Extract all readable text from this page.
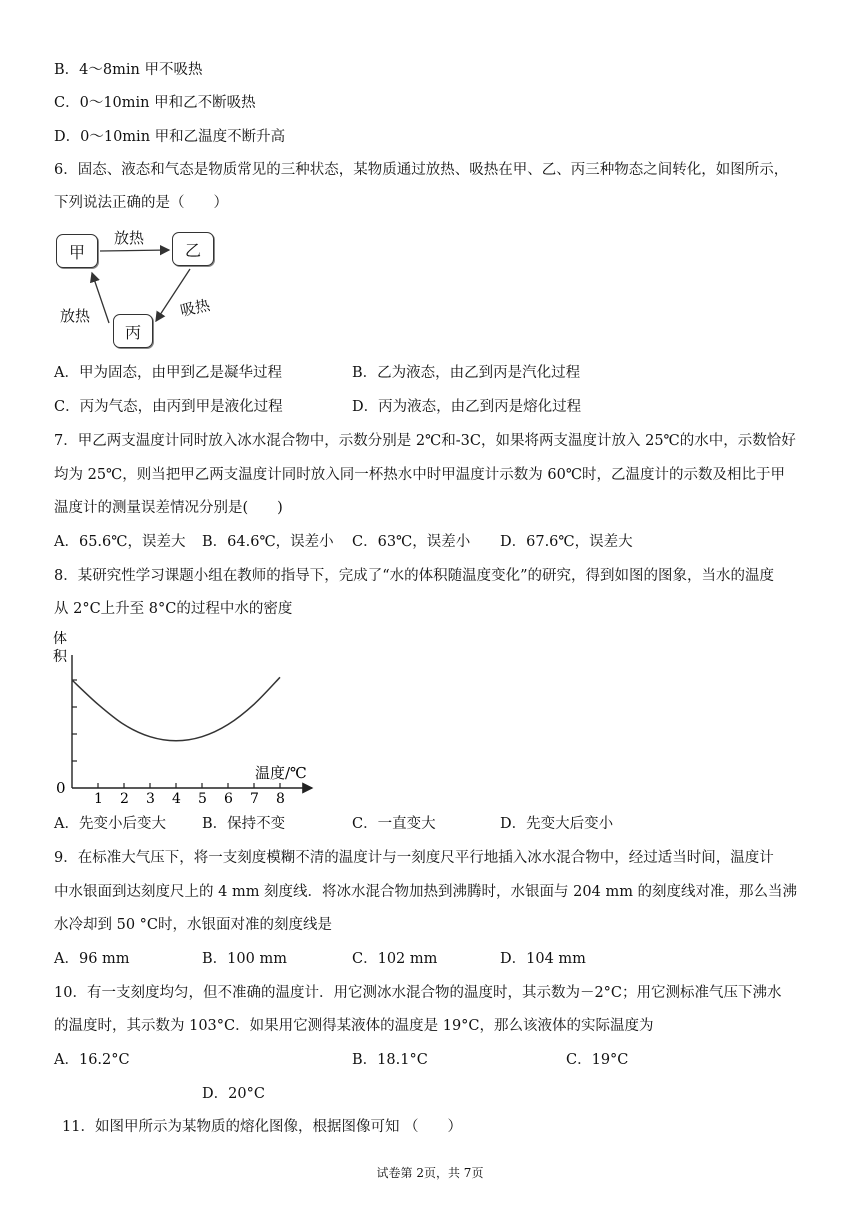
B．4～8min 甲不吸热
C．0～10min 甲和乙不断吸热
D．0～10min 甲和乙温度不断升高
6．固态、液态和气态是物质常见的三种状态，某物质通过放热、吸热在甲、乙、丙三种物态之间转化，如图所示，
下列说法正确的是（　　）
甲	乙
丙
放热
吸热
放热
A．甲为固态，由甲到乙是凝华过程	B．乙为液态，由乙到丙是汽化过程
C．丙为气态，由丙到甲是液化过程	D．丙为液态，由乙到丙是熔化过程
7．甲乙两支温度计同时放入冰水混合物中，示数分别是 2℃和-3C，如果将两支温度计放入 25℃的水中，示数恰好
均为 25℃，则当把甲乙两支温度计同时放入同一杯热水中时甲温度计示数为 60℃时，乙温度计的示数及相比于甲
温度计的测量误差情况分别是(　　)
A．65.6℃，误差大 B．64.6℃，误差小 C．63℃，误差小 D．67.6℃，误差大
8．某研究性学习课题小组在教师的指导下，完成了“水的体积随温度变化”的研究，得到如图的图象，当水的温度
从 2°C上升至 8°C的过程中水的密度
体
0
温度/℃
1 2 3 4 5 6 7 8
积
A．先变小后变大 B．保持不变	C．一直变大	D．先变大后变小
9．在标准大气压下，将一支刻度模糊不清的温度计与一刻度尺平行地插入冰水混合物中，经过适当时间，温度计
中水银面到达刻度尺上的 4 mm 刻度线．将冰水混合物加热到沸腾时，水银面与 204 mm 的刻度线对准，那么当沸
水冷却到 50 °C时，水银面对准的刻度线是
A．96 mm	B．100 mm	C．102 mm	D．104 mm
10．有一支刻度均匀，但不准确的温度计．用它测冰水混合物的温度时，其示数为－2°C；用它测标准气压下沸水
的温度时，其示数为 103°C．如果用它测得某液体的温度是 19°C，那么该液体的实际温度为
A．16.2°C	B．18.1°C	C．19°C
D．20°C
11．如图甲所示为某物质的熔化图像，根据图像可知 （　　）
试卷第 2页，共 7页
